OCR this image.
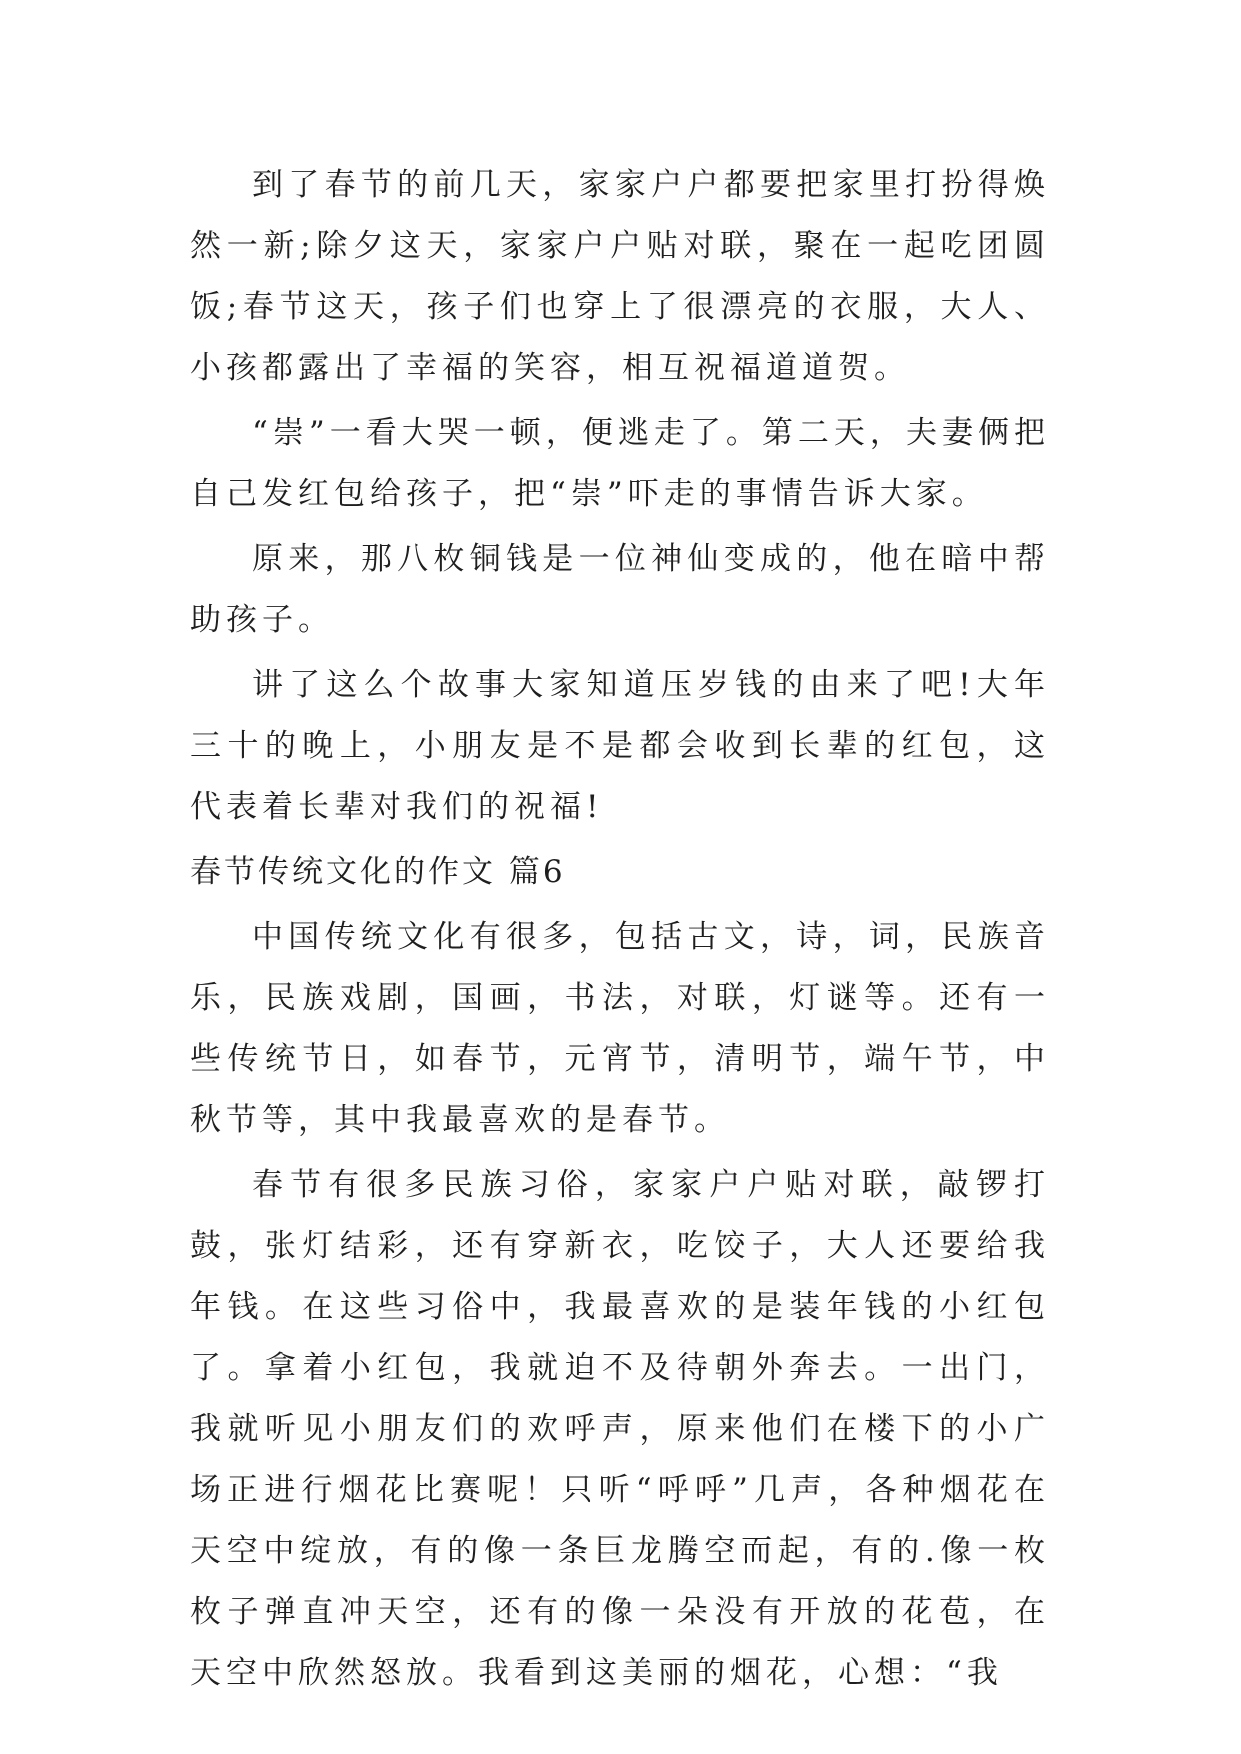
到了春节的前几天，家家户户都要把家里打扮得焕然一新;除夕这天，家家户户贴对联，聚在一起吃团圆饭;春节这天，孩子们也穿上了很漂亮的衣服，大人、小孩都露出了幸福的笑容，相互祝福道道贺。

“崇”一看大哭一顿，便逃走了。第二天，夫妻俩把自己发红包给孩子，把“崇”吓走的事情告诉大家。

原来，那八枚铜钱是一位神仙变成的，他在暗中帮助孩子。

讲了这么个故事大家知道压岁钱的由来了吧!大年三十的晚上，小朋友是不是都会收到长辈的红包，这代表着长辈对我们的祝福!

春节传统文化的作文 篇6

中国传统文化有很多，包括古文，诗，词，民族音乐，民族戏剧，国画，书法，对联，灯谜等。还有一些传统节日，如春节，元宵节，清明节，端午节，中秋节等，其中我最喜欢的是春节。

春节有很多民族习俗，家家户户贴对联，敲锣打鼓，张灯结彩，还有穿新衣，吃饺子，大人还要给我年钱。在这些习俗中，我最喜欢的是装年钱的小红包了。拿着小红包，我就迫不及待朝外奔去。一出门，我就听见小朋友们的欢呼声，原来他们在楼下的小广场正进行烟花比赛呢！只听“呼呼”几声，各种烟花在天空中绽放，有的像一条巨龙腾空而起，有的.像一枚枚子弹直冲天空，还有的像一朵没有开放的花苞，在天空中欣然怒放。我看到这美丽的烟花，心想：“我
